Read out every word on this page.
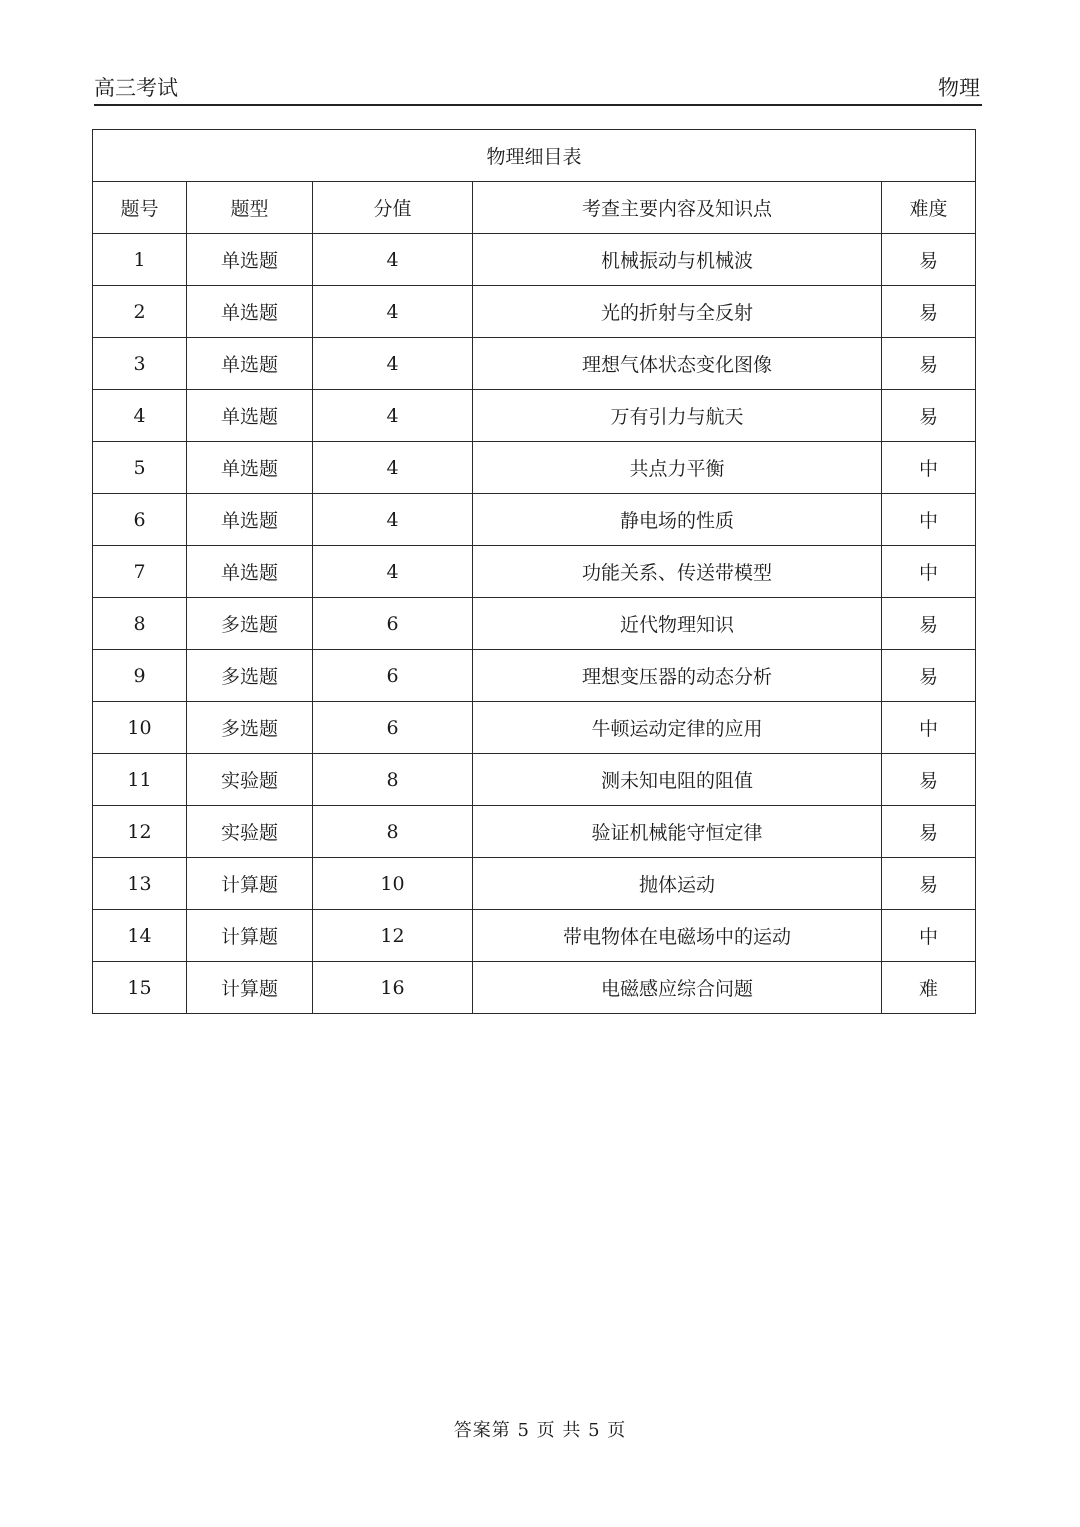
高三考试	物理
物理细目表				
题号	题型	分值	考查主要内容及知识点	难度
1	单选题	4	机械振动与机械波	易
2	单选题	4	光的折射与全反射	易
3	单选题	4	理想气体状态变化图像	易
4	单选题	4	万有引力与航天	易
5	单选题	4	共点力平衡	中
6	单选题	4	静电场的性质	中
7	单选题	4	功能关系、传送带模型	中
8	多选题	6	近代物理知识	易
9	多选题	6	理想变压器的动态分析	易
10	多选题	6	牛顿运动定律的应用	中
11	实验题	8	测未知电阻的阻值	易
12	实验题	8	验证机械能守恒定律	易
13	计算题	10	抛体运动	易
14	计算题	12	带电物体在电磁场中的运动	中
15	计算题	16	电磁感应综合问题	难
答案第 5 页 共 5 页
